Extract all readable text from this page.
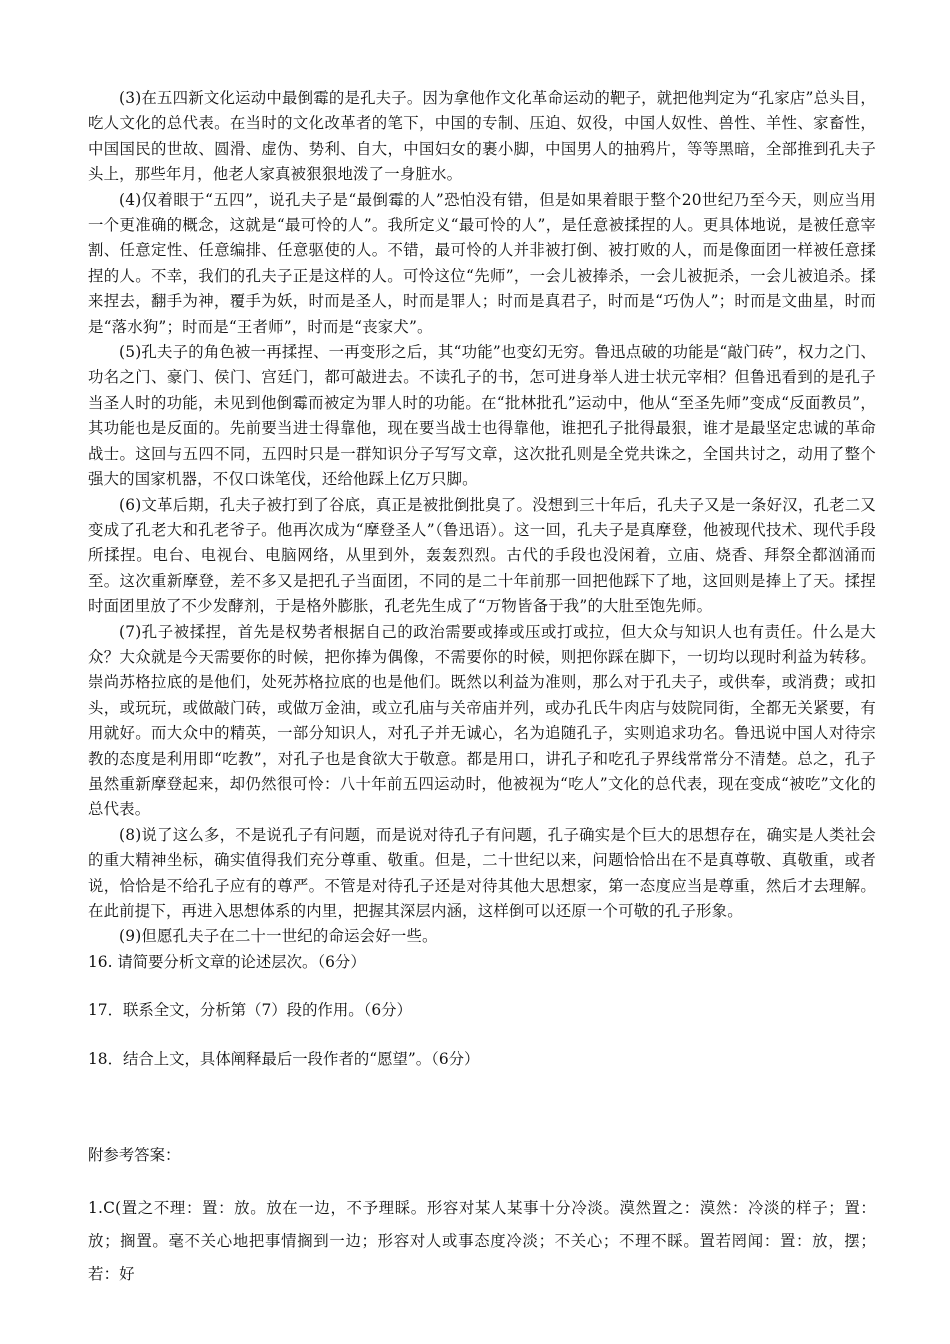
(3)在五四新文化运动中最倒霉的是孔夫子。因为拿他作文化革命运动的靶子，就把他判定为“孔家店”总头目，吃人文化的总代表。在当时的文化改革者的笔下，中国的专制、压迫、奴役，中国人奴性、兽性、羊性、家畜性，中国国民的世故、圆滑、虚伪、势利、自大，中国妇女的裹小脚，中国男人的抽鸦片，等等黑暗，全部推到孔夫子头上，那些年月，他老人家真被狠狠地泼了一身脏水。

(4)仅着眼于“五四”，说孔夫子是“最倒霉的人”恐怕没有错，但是如果着眼于整个20世纪乃至今天，则应当用一个更准确的概念，这就是“最可怜的人”。我所定义“最可怜的人”，是任意被揉捏的人。更具体地说，是被任意宰割、任意定性、任意编排、任意驱使的人。不错，最可怜的人并非被打倒、被打败的人，而是像面团一样被任意揉捏的人。不幸，我们的孔夫子正是这样的人。可怜这位“先师”，一会儿被捧杀，一会儿被扼杀，一会儿被追杀。揉来捏去，翻手为神，覆手为妖，时而是圣人，时而是罪人；时而是真君子，时而是“巧伪人”；时而是文曲星，时而是“落水狗”；时而是“王者师”，时而是“丧家犬”。

(5)孔夫子的角色被一再揉捏、一再变形之后，其“功能”也变幻无穷。鲁迅点破的功能是“敲门砖”，权力之门、功名之门、豪门、侯门、宫廷门，都可敲进去。不读孔子的书，怎可进身举人进士状元宰相？但鲁迅看到的是孔子当圣人时的功能，未见到他倒霉而被定为罪人时的功能。在“批林批孔”运动中，他从“至圣先师”变成“反面教员”，其功能也是反面的。先前要当进士得靠他，现在要当战士也得靠他，谁把孔子批得最狠，谁才是最坚定忠诚的革命战士。这回与五四不同，五四时只是一群知识分子写写文章，这次批孔则是全党共诛之，全国共讨之，动用了整个强大的国家机器，不仅口诛笔伐，还给他踩上亿万只脚。

(6)文革后期，孔夫子被打到了谷底，真正是被批倒批臭了。没想到三十年后，孔夫子又是一条好汉，孔老二又变成了孔老大和孔老爷子。他再次成为“摩登圣人”（鲁迅语）。这一回，孔夫子是真摩登，他被现代技术、现代手段所揉捏。电台、电视台、电脑网络，从里到外，轰轰烈烈。古代的手段也没闲着，立庙、烧香、拜祭全都汹涌而至。这次重新摩登，差不多又是把孔子当面团，不同的是二十年前那一回把他踩下了地，这回则是捧上了天。揉捏时面团里放了不少发酵剂，于是格外膨胀，孔老先生成了“万物皆备于我”的大肚至饱先师。

(7)孔子被揉捏，首先是权势者根据自己的政治需要或捧或压或打或拉，但大众与知识人也有责任。什么是大众？大众就是今天需要你的时候，把你捧为偶像，不需要你的时候，则把你踩在脚下，一切均以现时利益为转移。崇尚苏格拉底的是他们，处死苏格拉底的也是他们。既然以利益为准则，那么对于孔夫子，或供奉，或消费；或扣头，或玩玩，或做敲门砖，或做万金油，或立孔庙与关帝庙并列，或办孔氏牛肉店与妓院同街，全都无关紧要，有用就好。而大众中的精英，一部分知识人，对孔子并无诚心，名为追随孔子，实则追求功名。鲁迅说中国人对待宗教的态度是利用即“吃教”，对孔子也是食欲大于敬意。都是用口，讲孔子和吃孔子界线常常分不清楚。总之，孔子虽然重新摩登起来，却仍然很可怜：八十年前五四运动时，他被视为“吃人”文化的总代表，现在变成“被吃”文化的总代表。

(8)说了这么多，不是说孔子有问题，而是说对待孔子有问题，孔子确实是个巨大的思想存在，确实是人类社会的重大精神坐标，确实值得我们充分尊重、敬重。但是，二十世纪以来，问题恰恰出在不是真尊敬、真敬重，或者说，恰恰是不给孔子应有的尊严。不管是对待孔子还是对待其他大思想家，第一态度应当是尊重，然后才去理解。在此前提下，再进入思想体系的内里，把握其深层内涵，这样倒可以还原一个可敬的孔子形象。

(9)但愿孔夫子在二十一世纪的命运会好一些。

16. 请简要分析文章的论述层次。（6分）

17．联系全文，分析第（7）段的作用。（6分）

18．结合上文，具体阐释最后一段作者的“愿望”。（6分）

附参考答案：

1.C(置之不理：置：放。放在一边，不予理睬。形容对某人某事十分冷淡。漠然置之：漠然：冷淡的样子；置：放；搁置。毫不关心地把事情搁到一边；形容对人或事态度冷淡；不关心；不理不睬。置若罔闻：置：放，摆；若：好
